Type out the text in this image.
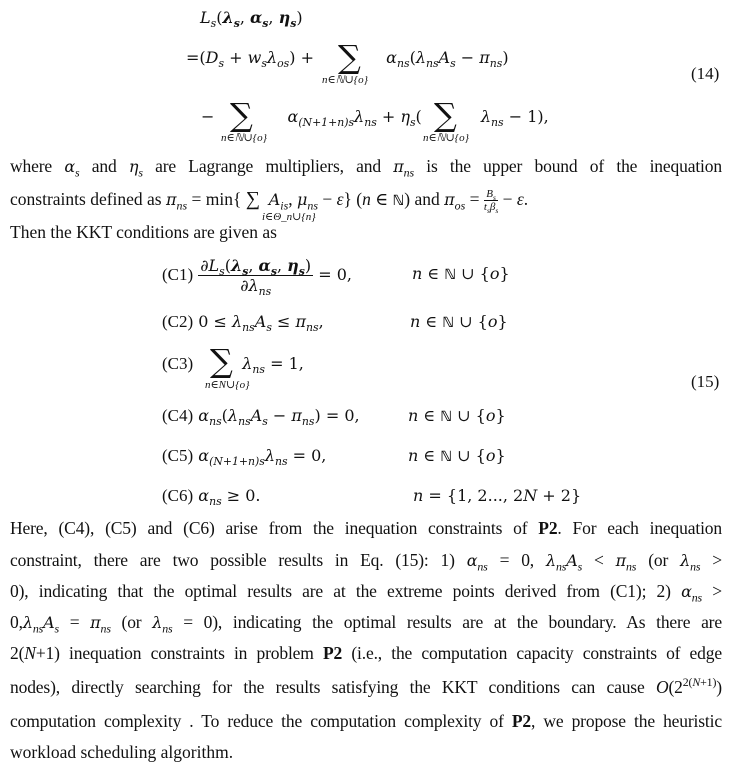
$L_s(\lambda_s$, $\alpha_s$, $\eta_s$)
$=(D_s + w_s\lambda_{os})$ +	$\alpha_{ns}(\lambda_{ns}A_s - \pi_{ns})$
∑
n∈ℕ∪{o}	(14)
−	$\alpha_{(N+1+n)s}\lambda_{ns} + \eta_s$(	$\lambda_{ns} - 1$),
∑
n∈ℕ∪{o}
∑
n∈ℕ∪{o}
where $\alpha_s$ and $\eta_s$ are Lagrange multipliers, and $\pi_{ns}$ is the upper bound of the inequation
constraints defined as $\pi_{ns} = \min${ ∑ $A_{is}$, $\mu_{ns} - \varepsilon$} (n ∈ ℕ) and $\pi_{os} = \frac{B_s}{t_s\beta_s} - \varepsilon$.
i∈Θ_n∪{n}
Then the KKT conditions are given as
$(C1) \frac{\partial L_s(\lambda_s, \alpha_s, \eta_s)}{\partial\lambda_{ns}} = 0$,	n ∈ ℕ ∪ {o}
(C2) $0 \le \lambda_{ns}A_s \le \pi_{ns}$,	n ∈ ℕ ∪ {o}
(C3)	$\lambda_{ns} = 1$,
∑
n∈N∪{o}	(15)
(C4) $\alpha_{ns}(\lambda_{ns}A_s - \pi_{ns}) = 0$,	n ∈ ℕ ∪ {o}
(C5) $\alpha_{(N+1+n)s}\lambda_{ns} = 0$,	n ∈ ℕ ∪ {o}
(C6) $\alpha_{ns} \ge 0$.	n = {1, 2..., 2N + 2}
Here, (C4), (C5) and (C6) arise from the inequation constraints of P2. For each inequation
constraint, there are two possible results in Eq. (15): 1) $\alpha_{ns} = 0$, $\lambda_{ns}A_s < \pi_{ns}$ (or $\lambda_{ns}$ >
0), indicating that the optimal results are at the extreme points derived from (C1); 2) $\alpha_{ns}$ >
$0,\lambda_{ns}A_s = \pi_{ns}$ (or $\lambda_{ns} = 0$), indicating the optimal results are at the boundary. As there are
2(N+1) inequation constraints in problem P2 (i.e., the computation capacity constraints of edge
nodes), directly searching for the results satisfying the KKT conditions can cause $O(2^{2(N+1)})$
computation complexity . To reduce the computation complexity of P2, we propose the heuristic
workload scheduling algorithm.
